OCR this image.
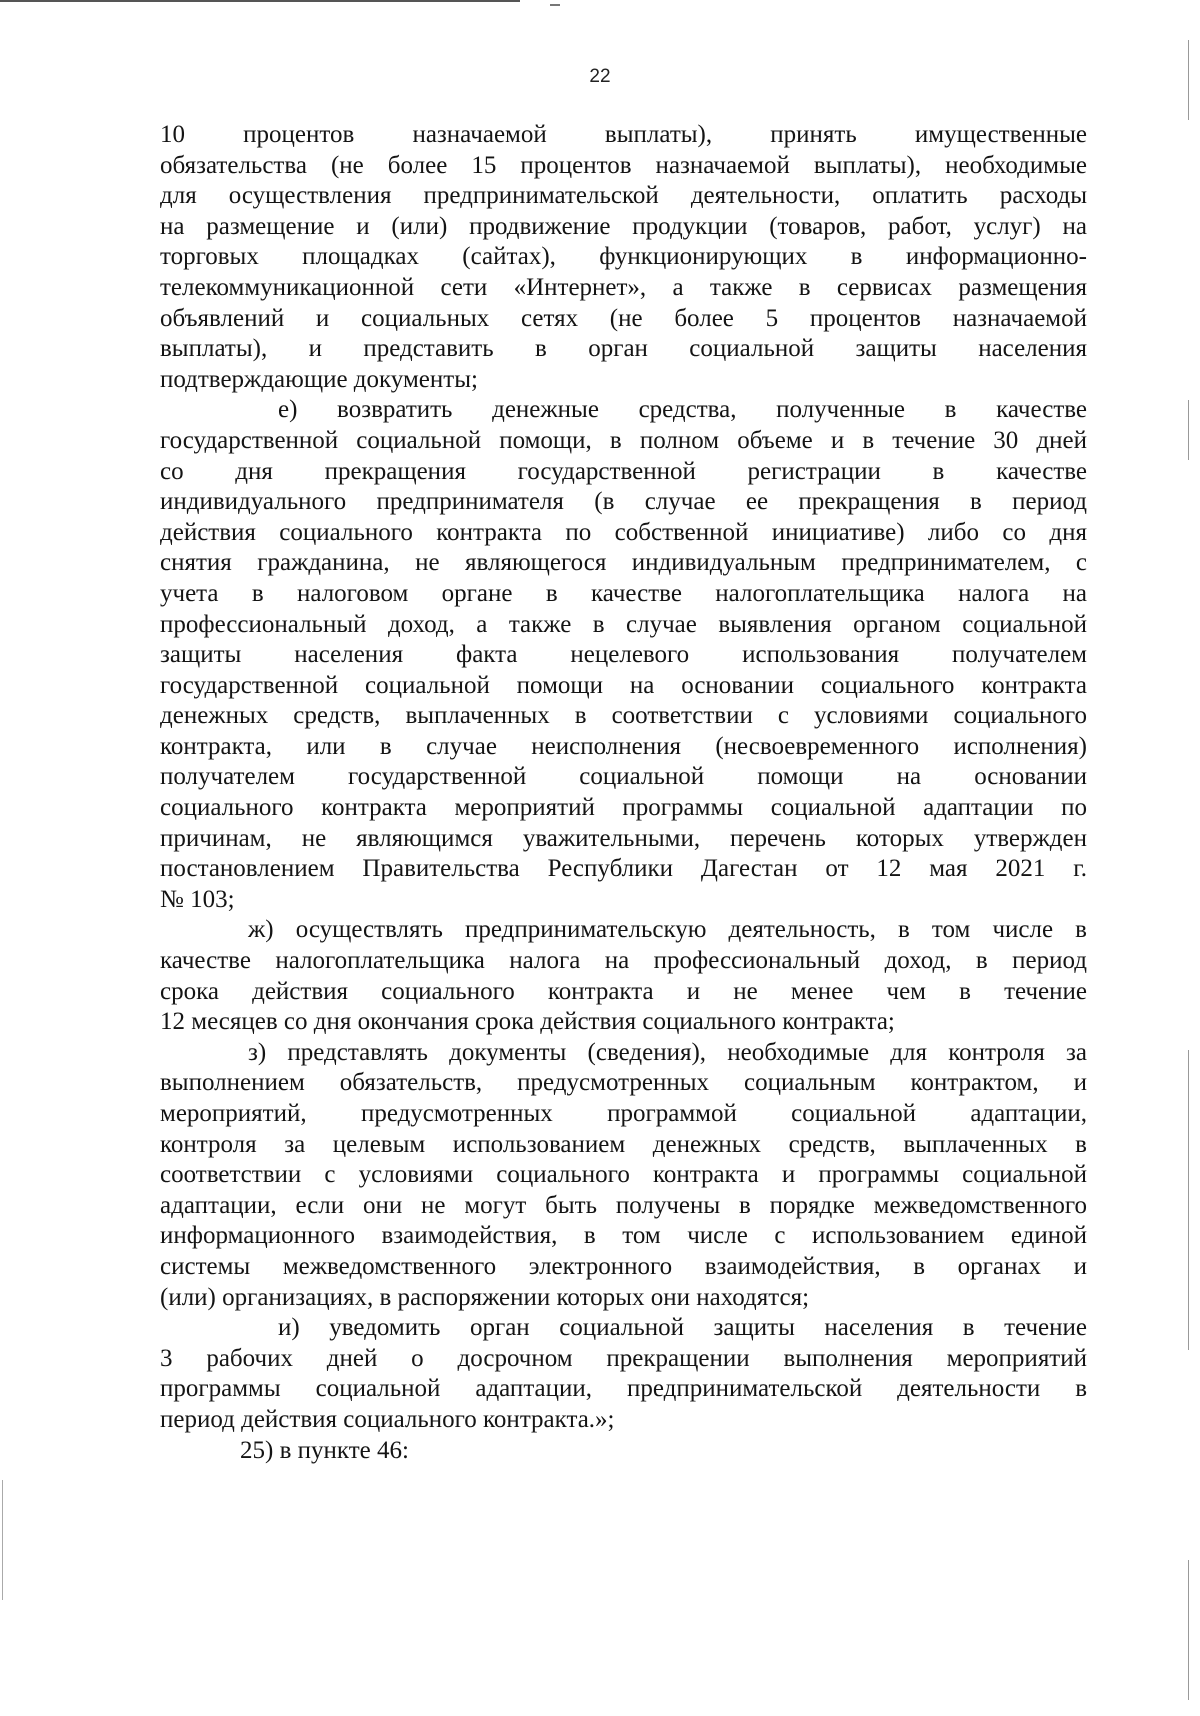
22
10 процентов назначаемой выплаты), принять имущественные
обязательства (не более 15 процентов назначаемой выплаты), необходимые
для осуществления предпринимательской деятельности, оплатить расходы
на размещение и (или) продвижение продукции (товаров, работ, услуг) на
торговых площадках (сайтах), функционирующих в информационно-
телекоммуникационной сети «Интернет», а также в сервисах размещения
объявлений и социальных сетях (не более 5 процентов назначаемой
выплаты), и представить в орган социальной защиты населения
подтверждающие документы;
е) возвратить денежные средства, полученные в качестве
государственной социальной помощи, в полном объеме и в течение 30 дней
со дня прекращения государственной регистрации в качестве
индивидуального предпринимателя (в случае ее прекращения в период
действия социального контракта по собственной инициативе) либо со дня
снятия гражданина, не являющегося индивидуальным предпринимателем, с
учета в налоговом органе в качестве налогоплательщика налога на
профессиональный доход, а также в случае выявления органом социальной
защиты населения факта нецелевого использования получателем
государственной социальной помощи на основании социального контракта
денежных средств, выплаченных в соответствии с условиями социального
контракта, или в случае неисполнения (несвоевременного исполнения)
получателем государственной социальной помощи на основании
социального контракта мероприятий программы социальной адаптации по
причинам, не являющимся уважительными, перечень которых утвержден
постановлением Правительства Республики Дагестан от 12 мая 2021 г.
№ 103;
ж) осуществлять предпринимательскую деятельность, в том числе в
качестве налогоплательщика налога на профессиональный доход, в период
срока действия социального контракта и не менее чем в течение
12 месяцев со дня окончания срока действия социального контракта;
з) представлять документы (сведения), необходимые для контроля за
выполнением обязательств, предусмотренных социальным контрактом, и
мероприятий, предусмотренных программой социальной адаптации,
контроля за целевым использованием денежных средств, выплаченных в
соответствии с условиями социального контракта и программы социальной
адаптации, если они не могут быть получены в порядке межведомственного
информационного взаимодействия, в том числе с использованием единой
системы межведомственного электронного взаимодействия, в органах и
(или) организациях, в распоряжении которых они находятся;
и) уведомить орган социальной защиты населения в течение
3 рабочих дней о досрочном прекращении выполнения мероприятий
программы социальной адаптации, предпринимательской деятельности в
период действия социального контракта.»;
25) в пункте 46:
